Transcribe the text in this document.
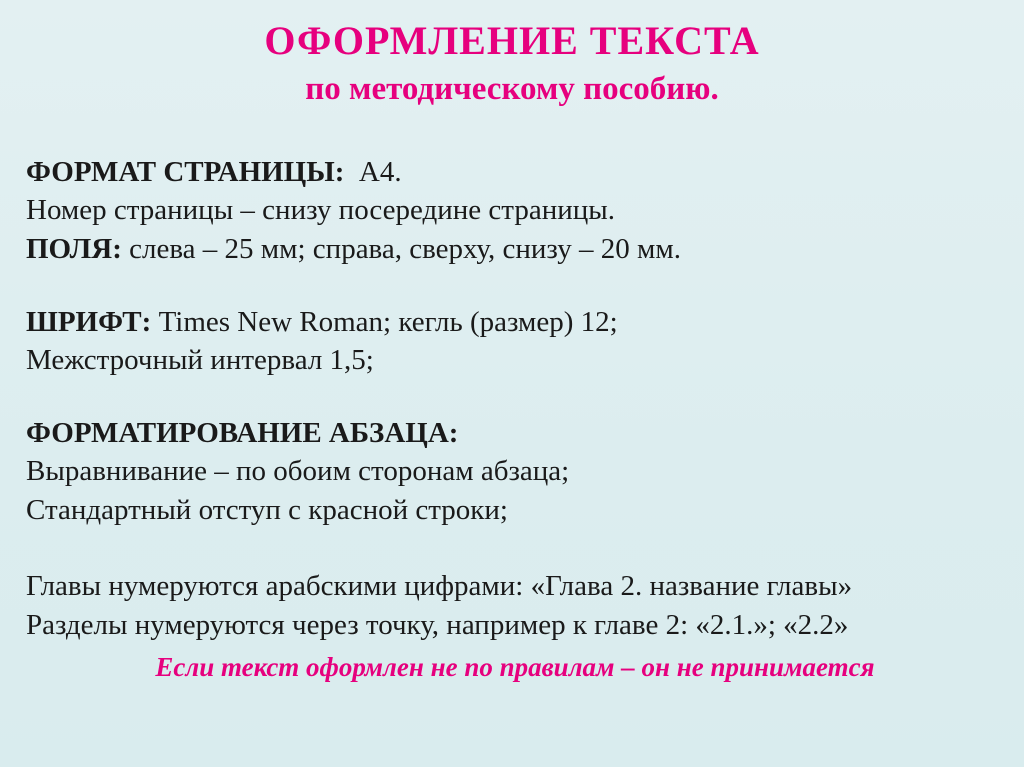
ОФОРМЛЕНИЕ ТЕКСТА
по методическому пособию.
ФОРМАТ СТРАНИЦЫ:  A4.
Номер страницы – снизу посередине страницы.
ПОЛЯ: слева – 25 мм; справа, сверху, снизу – 20 мм.
ШРИФТ: Times New Roman; кегль (размер) 12;
Межстрочный интервал 1,5;
ФОРМАТИРОВАНИЕ АБЗАЦА:
Выравнивание – по обоим сторонам абзаца;
Стандартный отступ с красной строки;
Главы нумеруются арабскими цифрами: «Глава 2. название главы»
Разделы нумеруются через точку, например к главе 2: «2.1.»; «2.2»
Если текст оформлен не по правилам – он не принимается
